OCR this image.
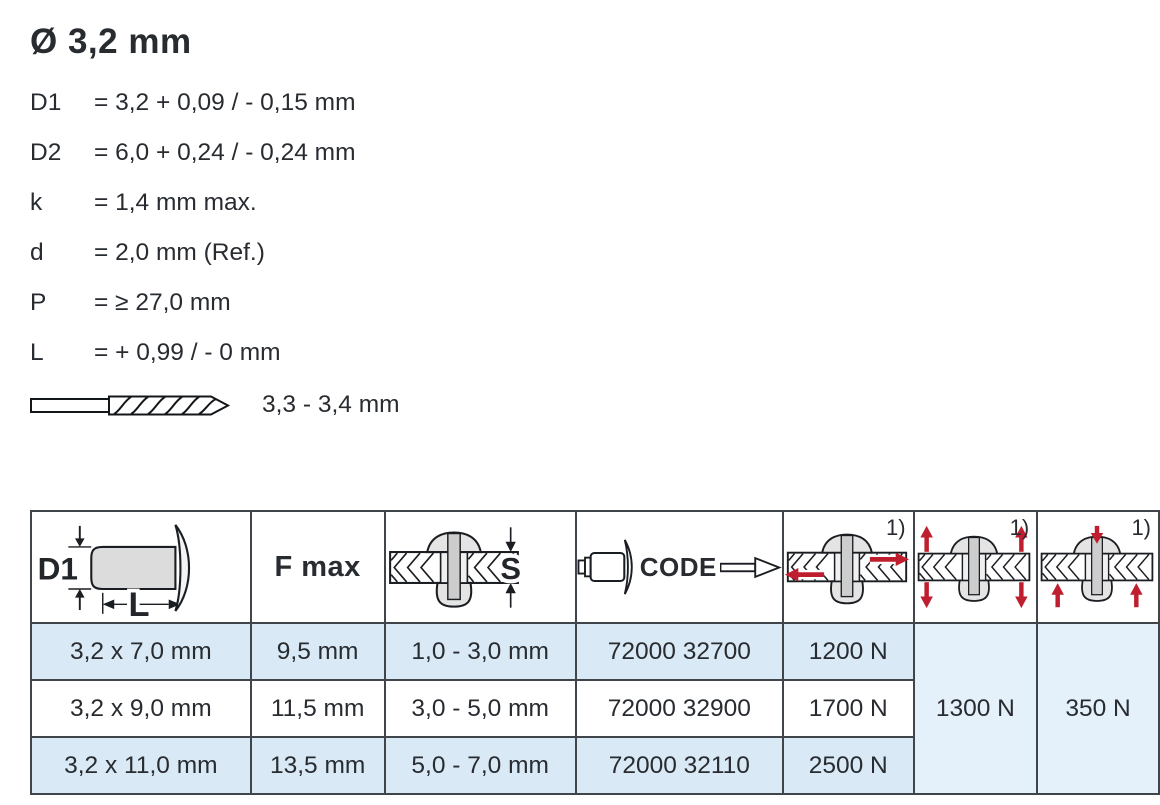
Ø 3,2 mm
D1	= 3,2 + 0,09 / - 0,15 mm
D2	= 6,0 + 0,24 / - 0,24 mm
k	= 1,4 mm max.
d	= 2,0 mm (Ref.)
P	= ≥ 27,0 mm
L	= + 0,99 / - 0 mm
3,3 - 3,4 mm
D1
L	F max	S	CODE	1)	1)	1)

3,2 x 7,0 mm	9,5 mm	1,0 - 3,0 mm	72000 32700	1200 N	1300 N	350 N
3,2 x 9,0 mm	11,5 mm	3,0 - 5,0 mm	72000 32900	1700 N		
3,2 x 11,0 mm	13,5 mm	5,0 - 7,0 mm	72000 32110	2500 N		
